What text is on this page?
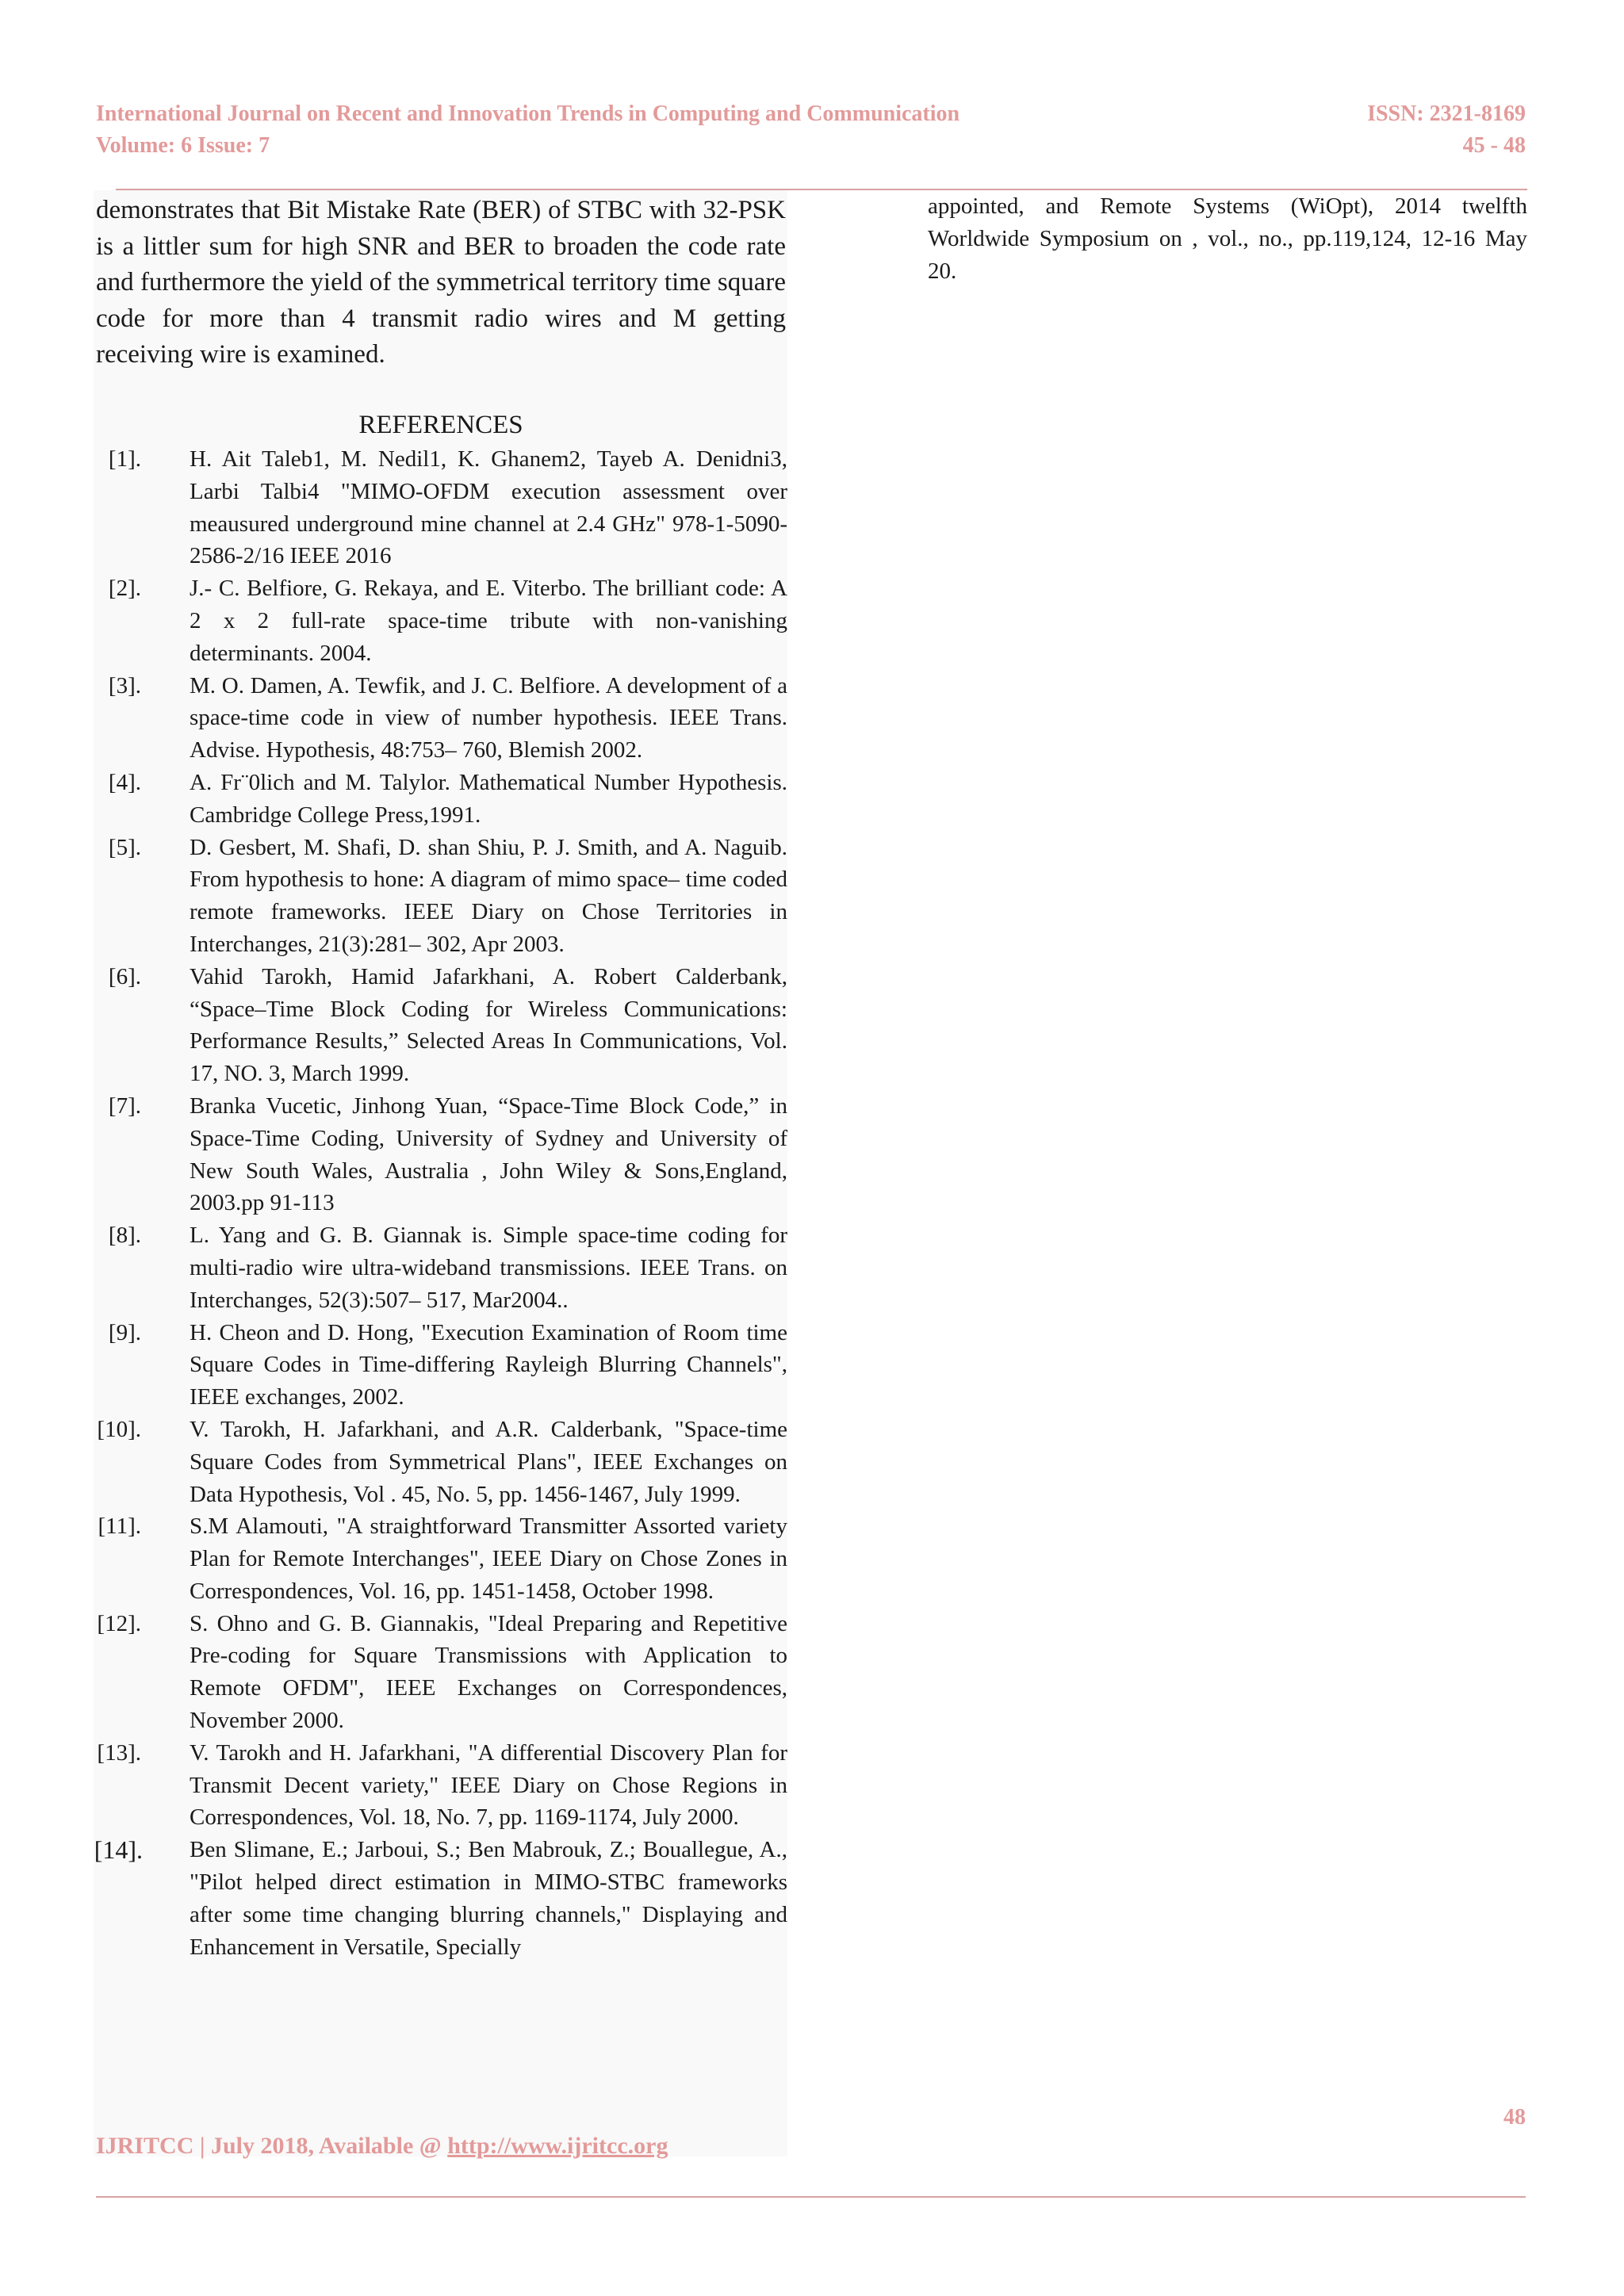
International Journal on Recent and Innovation Trends in Computing and Communication
Volume: 6 Issue: 7
ISSN: 2321-8169
45 - 48

demonstrates that Bit Mistake Rate (BER) of STBC with 32-PSK is a littler sum for high SNR and BER to broaden the code rate and furthermore the yield of the symmetrical territory time square code for more than 4 transmit radio wires and M getting receiving wire is examined.

REFERENCES
[1]. H. Ait Taleb1, M. Nedil1, K. Ghanem2, Tayeb A. Denidni3, Larbi Talbi4 "MIMO-OFDM execution assessment over meausured underground mine channel at 2.4 GHz" 978-1-5090-2586-2/16 IEEE 2016
[2]. J.- C. Belfiore, G. Rekaya, and E. Viterbo. The brilliant code: A 2 x 2 full-rate space-time tribute with non-vanishing determinants. 2004.
[3]. M. O. Damen, A. Tewfik, and J. C. Belfiore. A development of a space-time code in view of number hypothesis. IEEE Trans. Advise. Hypothesis, 48:753– 760, Blemish 2002.
[4]. A. Fr¨0lich and M. Talylor. Mathematical Number Hypothesis. Cambridge College Press,1991.
[5]. D. Gesbert, M. Shafi, D. shan Shiu, P. J. Smith, and A. Naguib. From hypothesis to hone: A diagram of mimo space– time coded remote frameworks. IEEE Diary on Chose Territories in Interchanges, 21(3):281– 302, Apr 2003.
[6]. Vahid Tarokh, Hamid Jafarkhani, A. Robert Calderbank, “Space–Time Block Coding for Wireless Communications: Performance Results,” Selected Areas In Communications, Vol. 17, NO. 3, March 1999.
[7]. Branka Vucetic, Jinhong Yuan, “Space-Time Block Code,” in Space-Time Coding, University of Sydney and University of New South Wales, Australia , John Wiley & Sons,England, 2003.pp 91-113
[8]. L. Yang and G. B. Giannak is. Simple space-time coding for multi-radio wire ultra-wideband transmissions. IEEE Trans. on Interchanges, 52(3):507– 517, Mar2004..
[9]. H. Cheon and D. Hong, "Execution Examination of Room time Square Codes in Time-differing Rayleigh Blurring Channels", IEEE exchanges, 2002.
[10]. V. Tarokh, H. Jafarkhani, and A.R. Calderbank, "Space-time Square Codes from Symmetrical Plans", IEEE Exchanges on Data Hypothesis, Vol . 45, No. 5, pp. 1456-1467, July 1999.
[11]. S.M Alamouti, "A straightforward Transmitter Assorted variety Plan for Remote Interchanges", IEEE Diary on Chose Zones in Correspondences, Vol. 16, pp. 1451-1458, October 1998.
[12]. S. Ohno and G. B. Giannakis, "Ideal Preparing and Repetitive Pre-coding for Square Transmissions with Application to Remote OFDM", IEEE Exchanges on Correspondences, November 2000.
[13]. V. Tarokh and H. Jafarkhani, "A differential Discovery Plan for Transmit Decent variety," IEEE Diary on Chose Regions in Correspondences, Vol. 18, No. 7, pp. 1169-1174, July 2000.
[14]. Ben Slimane, E.; Jarboui, S.; Ben Mabrouk, Z.; Bouallegue, A., "Pilot helped direct estimation in MIMO-STBC frameworks after some time changing blurring channels," Displaying and Enhancement in Versatile, Specially

appointed, and Remote Systems (WiOpt), 2014 twelfth Worldwide Symposium on , vol., no., pp.119,124, 12-16 May 20.

48
IJRITCC | July 2018, Available @ http://www.ijritcc.org
